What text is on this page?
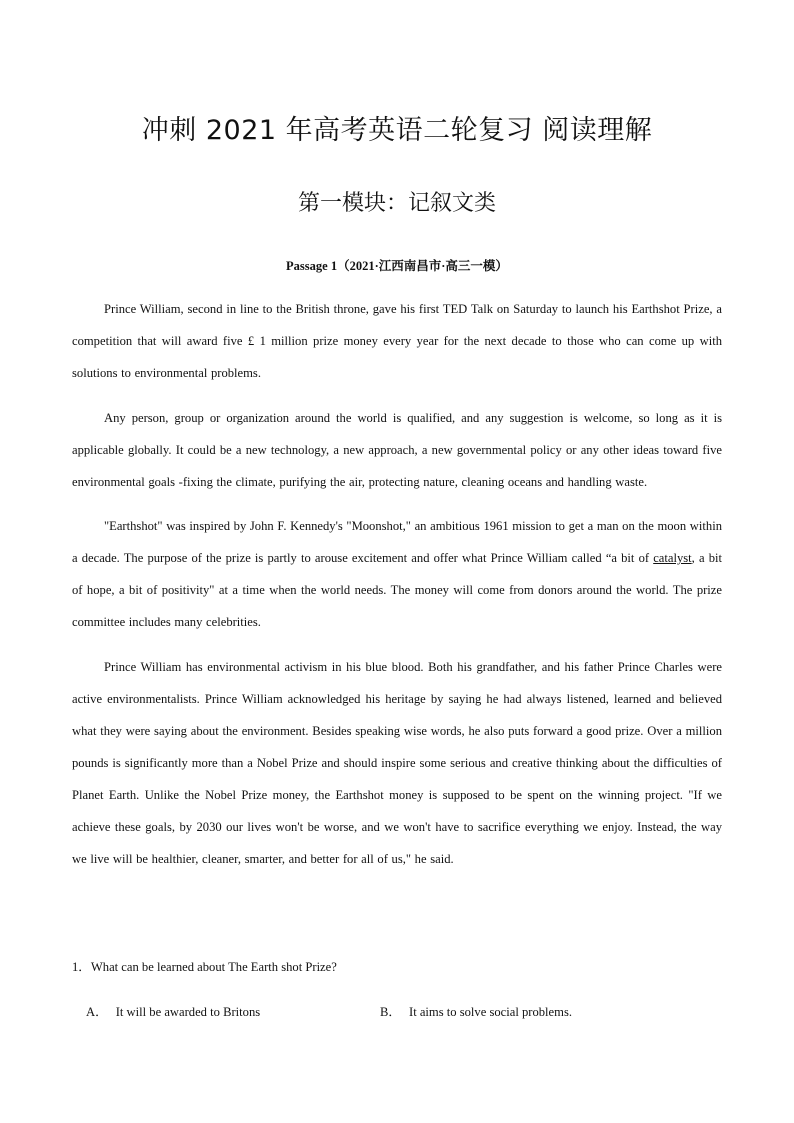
冲刺 2021 年高考英语二轮复习 阅读理解
第一模块：记叙文类
Passage 1（2021·江西南昌市·高三一模）

Prince William, second in line to the British throne, gave his first TED Talk on Saturday to launch his Earthshot Prize, a competition that will award five £ 1 million prize money every year for the next decade to those who can come up with solutions to environmental problems.

Any person, group or organization around the world is qualified, and any suggestion is welcome, so long as it is applicable globally. It could be a new technology, a new approach, a new governmental policy or any other ideas toward five environmental goals -fixing the climate, purifying the air, protecting nature, cleaning oceans and handling waste.

"Earthshot" was inspired by John F. Kennedy's "Moonshot," an ambitious 1961 mission to get a man on the moon within a decade. The purpose of the prize is partly to arouse excitement and offer what Prince William called “a bit of catalyst, a bit of hope, a bit of positivity" at a time when the world needs. The money will come from donors around the world. The prize committee includes many celebrities.

Prince William has environmental activism in his blue blood. Both his grandfather, and his father Prince Charles were active environmentalists. Prince William acknowledged his heritage by saying he had always listened, learned and believed what they were saying about the environment. Besides speaking wise words, he also puts forward a good prize. Over a million pounds is significantly more than a Nobel Prize and should inspire some serious and creative thinking about the difficulties of Planet Earth. Unlike the Nobel Prize money, the Earthshot money is supposed to be spent on the winning project. "If we achieve these goals, by 2030 our lives won't be worse, and we won't have to sacrifice everything we enjoy. Instead, the way we live will be healthier, cleaner, smarter, and better for all of us," he said.

1．What can be learned about The Earth shot Prize?
A． It will be awarded to Britons	B． It aims to solve social problems.
